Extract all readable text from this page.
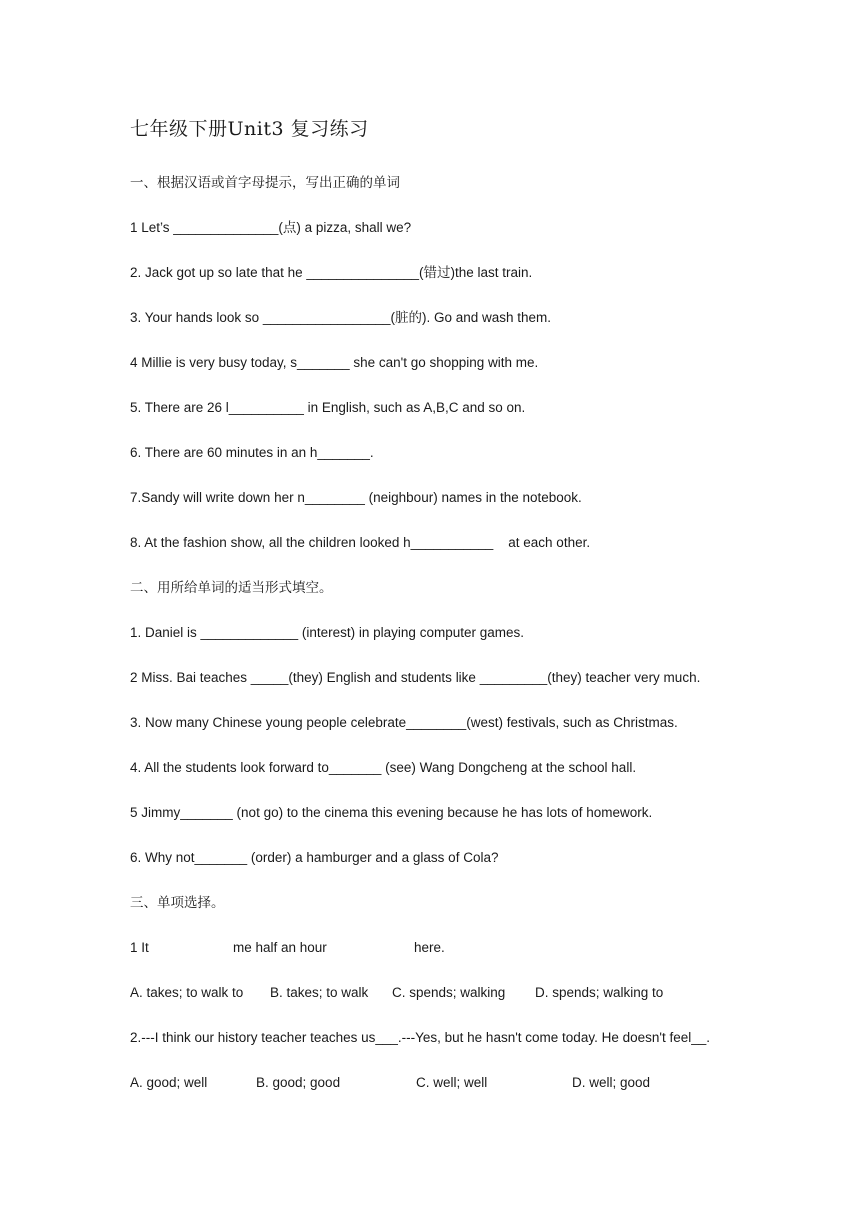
七年级下册Unit3 复习练习
一、根据汉语或首字母提示，写出正确的单词
1 Let’s ______________(点) a pizza, shall we?
2. Jack got up so late that he _______________(错过)the last train.
3. Your hands look so _________________(脏的). Go and wash them.
4 Millie is very busy today, s_______ she can't go shopping with me.
5. There are 26 l__________ in English, such as A,B,C and so on.
6. There are 60 minutes in an h_______.
7.Sandy will write down her n________ (neighbour) names in the notebook.
8. At the fashion show, all the children looked h___________    at each other.
二、用所给单词的适当形式填空。
1. Daniel is _____________ (interest) in playing computer games.
2 Miss. Bai teaches _____(they) English and students like _________(they) teacher very much.
3. Now many Chinese young people celebrate________(west) festivals, such as Christmas.
4. All the students look forward to_______ (see) Wang Dongcheng at the school hall.
5 Jimmy_______ (not go) to the cinema this evening because he has lots of homework.
6. Why not_______ (order) a hamburger and a glass of Cola?
三、单项选择。

1 It

	me half an hour

	here.

A. takes; to walk to

B. takes; to walk

C. spends; walking

D. spends; walking to

2.---I think our history teacher teaches us___.---Yes, but he hasn't come today. He doesn't feel__.

A. good; well

	B. good; good

	C. well; well

	D. well; good
